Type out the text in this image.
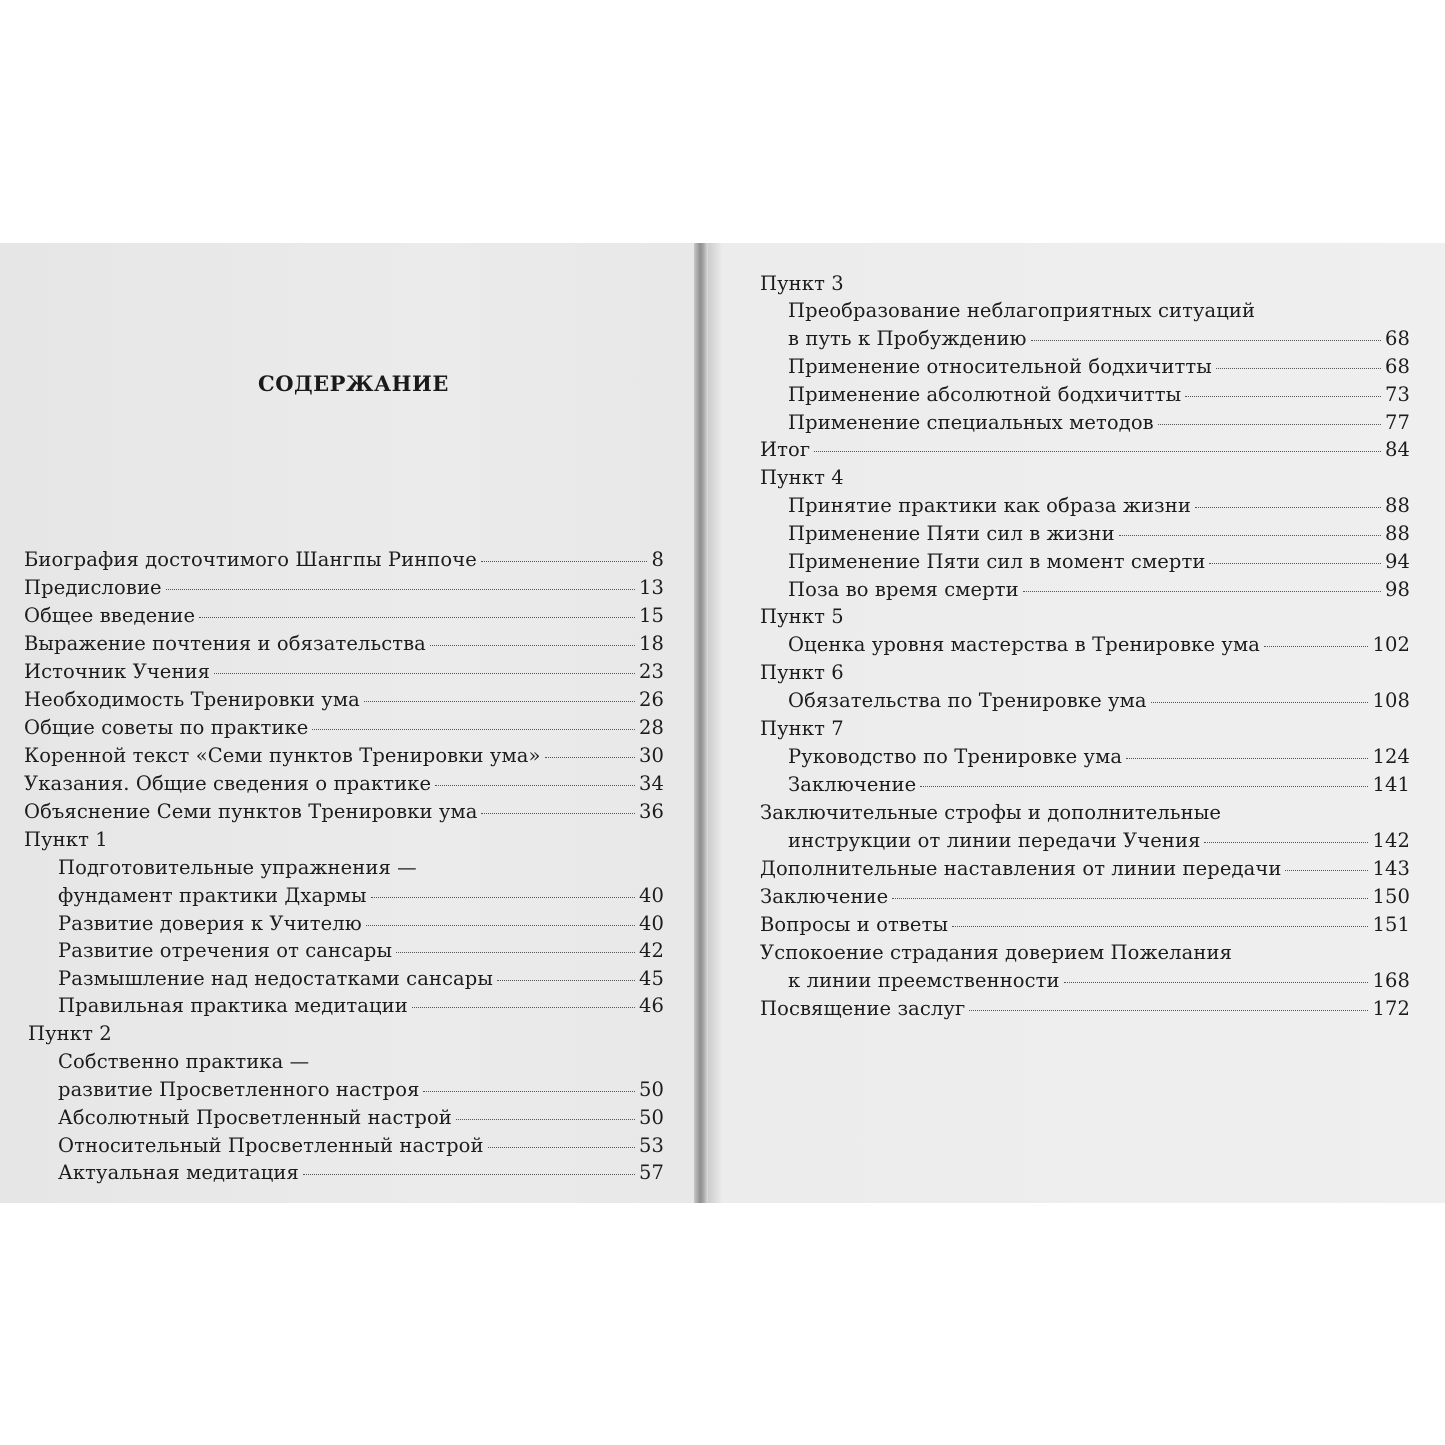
СОДЕРЖАНИЕ
Биография досточтимого Шангпы Ринпоче	8
Предисловие	13
Общее введение	15
Выражение почтения и обязательства	18
Источник Учения	23
Необходимость Тренировки ума	26
Общие советы по практике	28
Коренной текст «Семи пунктов Тренировки ума»	30
Указания. Общие сведения о практике	34
Объяснение Семи пунктов Тренировки ума	36
Пункт 1
Подготовительные упражнения —
фундамент практики Дхармы	40
Развитие доверия к Учителю	40
Развитие отречения от сансары	42
Размышление над недостатками сансары	45
Правильная практика медитации	46
Пункт 2
Собственно практика —
развитие Просветленного настроя	50
Абсолютный Просветленный настрой	50
Относительный Просветленный настрой	53
Актуальная медитация	57
Пункт 3
Преобразование неблагоприятных ситуаций
в путь к Пробуждению	68
Применение относительной бодхичитты	68
Применение абсолютной бодхичитты	73
Применение специальных методов	77
Итог	84
Пункт 4
Принятие практики как образа жизни	88
Применение Пяти сил в жизни	88
Применение Пяти сил в момент смерти	94
Поза во время смерти	98
Пункт 5
Оценка уровня мастерства в Тренировке ума	102
Пункт 6
Обязательства по Тренировке ума	108
Пункт 7
Руководство по Тренировке ума	124
Заключение	141
Заключительные строфы и дополнительные
инструкции от линии передачи Учения	142
Дополнительные наставления от линии передачи	143
Заключение	150
Вопросы и ответы	151
Успокоение страдания доверием Пожелания
к линии преемственности	168
Посвящение заслуг	172
